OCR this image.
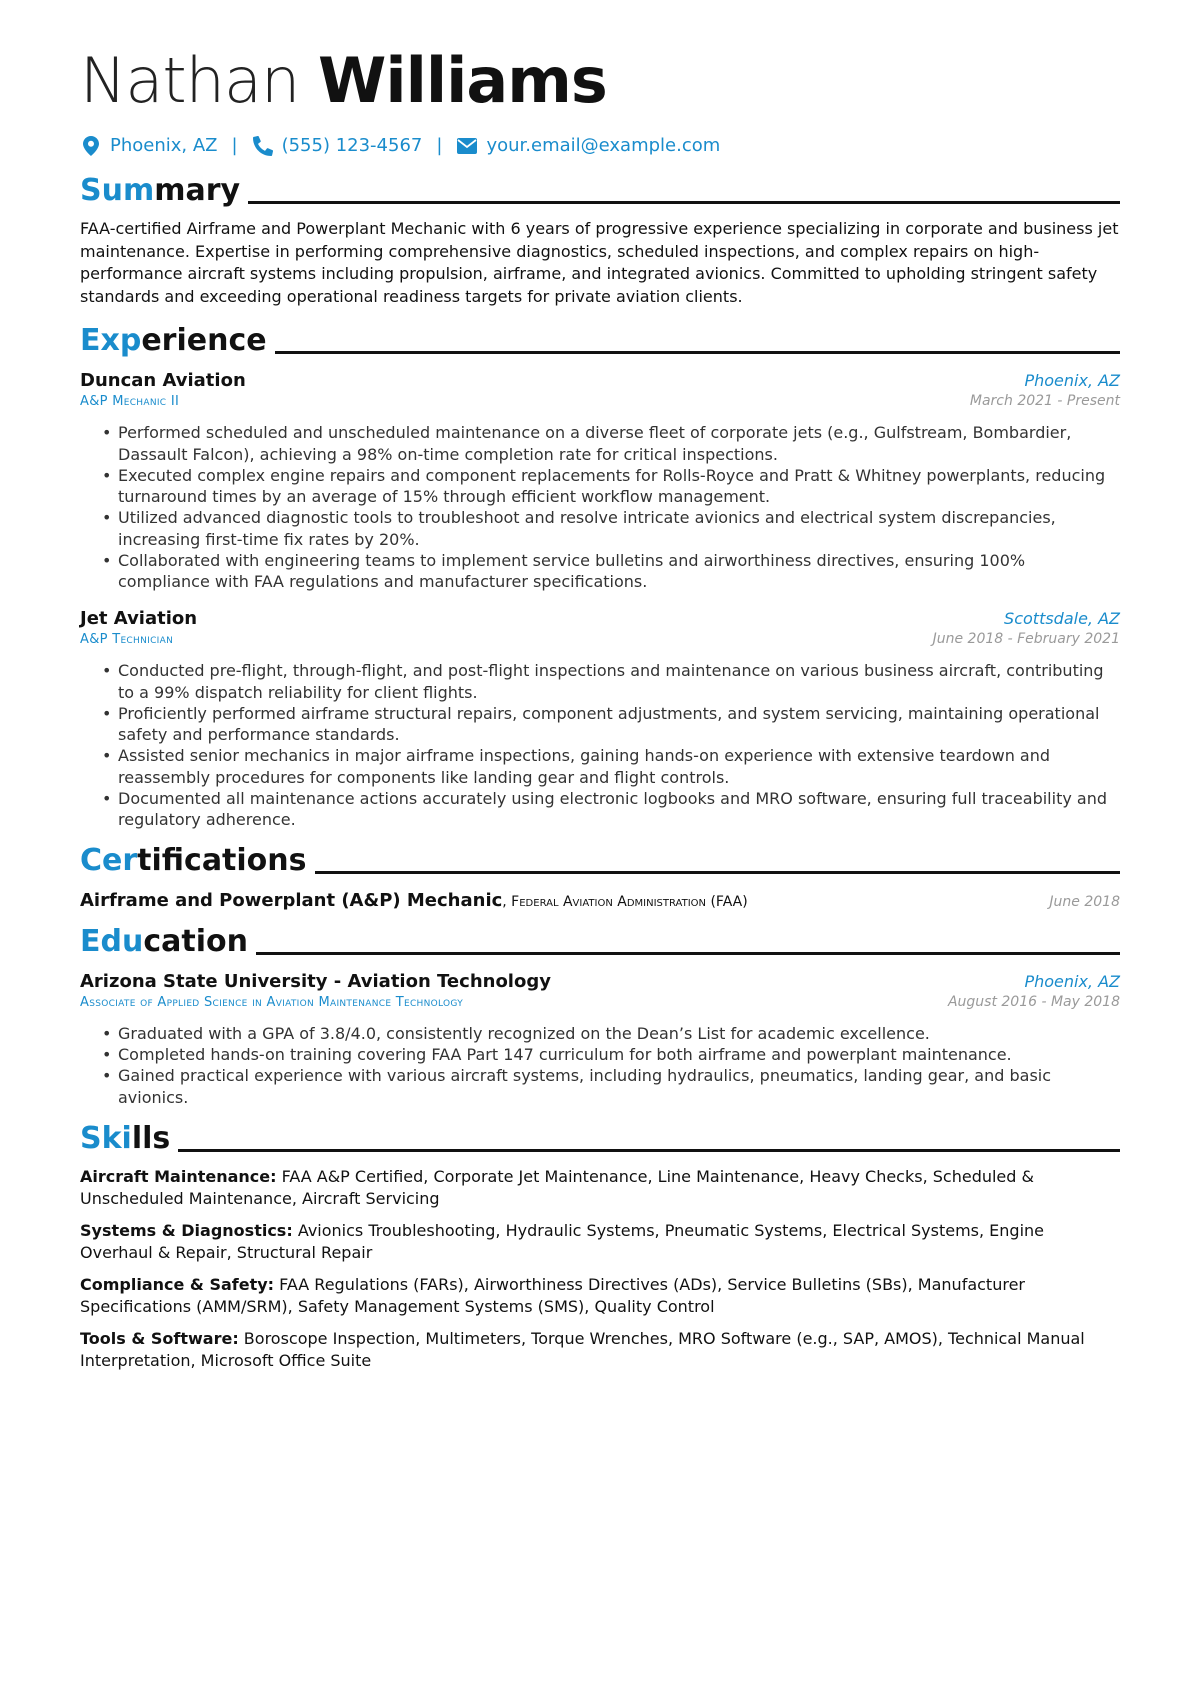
Nathan Williams
Phoenix, AZ | (555) 123-4567 | your.email@example.com
Sum mary

FAA-certified Airframe and Powerplant Mechanic with 6 years of progressive experience specializing in corporate and business jet maintenance. Expertise in performing comprehensive diagnostics, scheduled inspections, and complex repairs on high-performance aircraft systems including propulsion, airframe, and integrated avionics. Committed to upholding stringent safety standards and exceeding operational readiness targets for private aviation clients.

Exp erience
Duncan Aviation	Phoenix, AZ
A&P Mechanic II	March 2021 - Present
• Performed scheduled and unscheduled maintenance on a diverse fleet of corporate jets (e.g., Gulfstream, Bombardier, Dassault Falcon), achieving a 98% on-time completion rate for critical inspections.
• Executed complex engine repairs and component replacements for Rolls-Royce and Pratt & Whitney powerplants, reducing turnaround times by an average of 15% through efficient workflow management.
• Utilized advanced diagnostic tools to troubleshoot and resolve intricate avionics and electrical system discrepancies, increasing first-time fix rates by 20%.
• Collaborated with engineering teams to implement service bulletins and airworthiness directives, ensuring 100% compliance with FAA regulations and manufacturer specifications.
Jet Aviation	Scottsdale, AZ
A&P Technician	June 2018 - February 2021
• Conducted pre-flight, through-flight, and post-flight inspections and maintenance on various business aircraft, contributing to a 99% dispatch reliability for client flights.
• Proficiently performed airframe structural repairs, component adjustments, and system servicing, maintaining operational safety and performance standards.
• Assisted senior mechanics in major airframe inspections, gaining hands-on experience with extensive teardown and reassembly procedures for components like landing gear and flight controls.
• Documented all maintenance actions accurately using electronic logbooks and MRO software, ensuring full traceability and regulatory adherence.
Cer tifications
Airframe and Powerplant (A&P) Mechanic, Federal Aviation Administration (FAA)	June 2018
Edu cation
Arizona State University - Aviation Technology	Phoenix, AZ
Associate of Applied Science in Aviation Maintenance Technology	August 2016 - May 2018
• Graduated with a GPA of 3.8/4.0, consistently recognized on the Dean’s List for academic excellence.
• Completed hands-on training covering FAA Part 147 curriculum for both airframe and powerplant maintenance.
• Gained practical experience with various aircraft systems, including hydraulics, pneumatics, landing gear, and basic avionics.
Ski lls

Aircraft Maintenance: FAA A&P Certified, Corporate Jet Maintenance, Line Maintenance, Heavy Checks, Scheduled & Unscheduled Maintenance, Aircraft Servicing

Systems & Diagnostics: Avionics Troubleshooting, Hydraulic Systems, Pneumatic Systems, Electrical Systems, Engine Overhaul & Repair, Structural Repair

Compliance & Safety: FAA Regulations (FARs), Airworthiness Directives (ADs), Service Bulletins (SBs), Manufacturer Specifications (AMM/SRM), Safety Management Systems (SMS), Quality Control

Tools & Software: Boroscope Inspection, Multimeters, Torque Wrenches, MRO Software (e.g., SAP, AMOS), Technical Manual Interpretation, Microsoft Office Suite
